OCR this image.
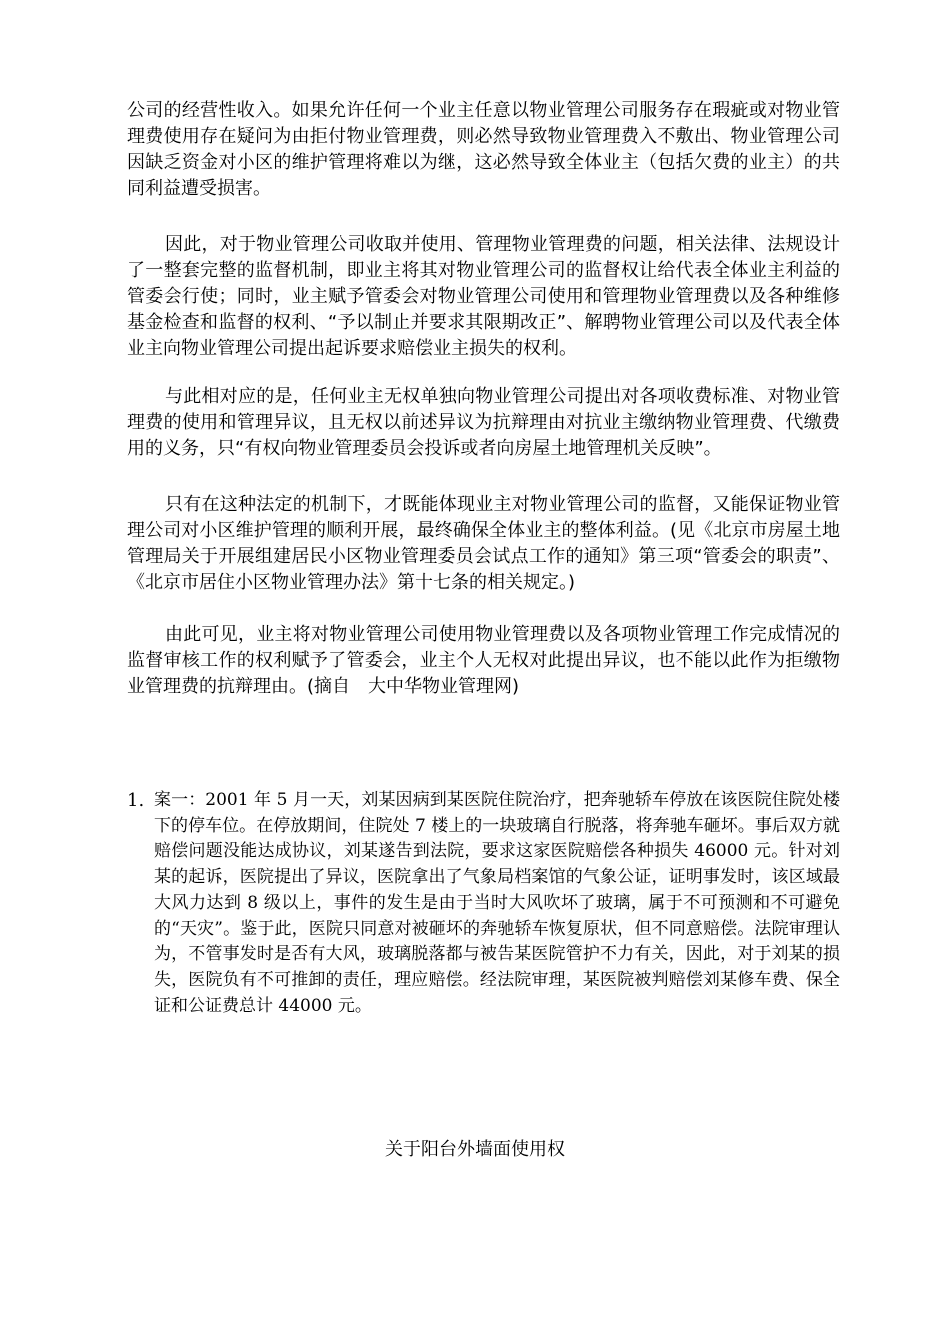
公司的经营性收入。如果允许任何一个业主任意以物业管理公司服务存在瑕疵或对物业管理费使用存在疑问为由拒付物业管理费，则必然导致物业管理费入不敷出、物业管理公司因缺乏资金对小区的维护管理将难以为继，这必然导致全体业主（包括欠费的业主）的共同利益遭受损害。

因此，对于物业管理公司收取并使用、管理物业管理费的问题，相关法律、法规设计了一整套完整的监督机制，即业主将其对物业管理公司的监督权让给代表全体业主利益的管委会行使；同时，业主赋予管委会对物业管理公司使用和管理物业管理费以及各种维修基金检查和监督的权利、“予以制止并要求其限期改正”、解聘物业管理公司以及代表全体业主向物业管理公司提出起诉要求赔偿业主损失的权利。

与此相对应的是，任何业主无权单独向物业管理公司提出对各项收费标准、对物业管理费的使用和管理异议，且无权以前述异议为抗辩理由对抗业主缴纳物业管理费、代缴费用的义务，只“有权向物业管理委员会投诉或者向房屋土地管理机关反映”。

只有在这种法定的机制下，才既能体现业主对物业管理公司的监督，又能保证物业管理公司对小区维护管理的顺利开展，最终确保全体业主的整体利益。(见《北京市房屋土地管理局关于开展组建居民小区物业管理委员会试点工作的通知》第三项“管委会的职责”、《北京市居住小区物业管理办法》第十七条的相关规定。)

由此可见，业主将对物业管理公司使用物业管理费以及各项物业管理工作完成情况的监督审核工作的权利赋予了管委会，业主个人无权对此提出异议，也不能以此作为拒缴物业管理费的抗辩理由。(摘自　大中华物业管理网)

1. 案一：2001 年 5 月一天，刘某因病到某医院住院治疗，把奔驰轿车停放在该医院住院处楼下的停车位。在停放期间，住院处 7 楼上的一块玻璃自行脱落，将奔驰车砸坏。事后双方就赔偿问题没能达成协议，刘某遂告到法院，要求这家医院赔偿各种损失 46000 元。针对刘某的起诉，医院提出了异议，医院拿出了气象局档案馆的气象公证，证明事发时，该区域最大风力达到 8 级以上，事件的发生是由于当时大风吹坏了玻璃，属于不可预测和不可避免的“天灾”。鉴于此，医院只同意对被砸坏的奔驰轿车恢复原状，但不同意赔偿。法院审理认为，不管事发时是否有大风，玻璃脱落都与被告某医院管护不力有关，因此，对于刘某的损失，医院负有不可推卸的责任，理应赔偿。经法院审理，某医院被判赔偿刘某修车费、保全证和公证费总计 44000 元。

关于阳台外墙面使用权
